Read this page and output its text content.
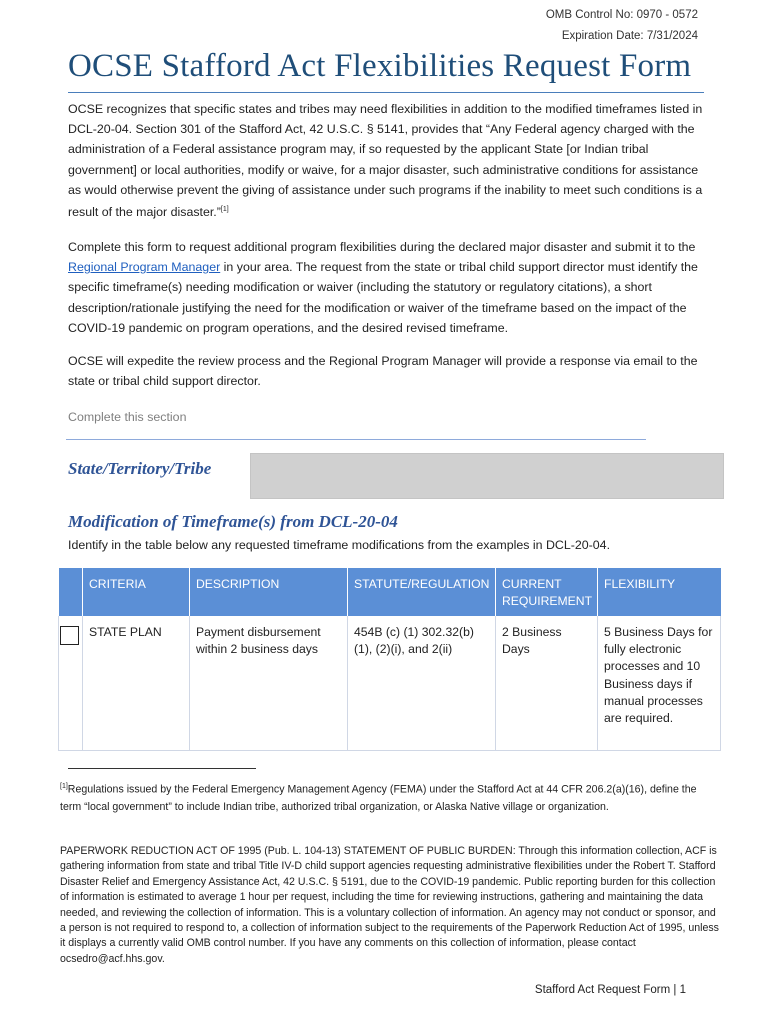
OMB Control No: 0970 - 0572
Expiration Date: 7/31/2024
OCSE Stafford Act Flexibilities Request Form
OCSE recognizes that specific states and tribes may need flexibilities in addition to the modified timeframes listed in DCL-20-04. Section 301 of the Stafford Act, 42 U.S.C. § 5141, provides that “Any Federal agency charged with the administration of a Federal assistance program may, if so requested by the applicant State [or Indian tribal government] or local authorities, modify or waive, for a major disaster, such administrative conditions for assistance as would otherwise prevent the giving of assistance under such programs if the inability to meet such conditions is a result of the major disaster.”[1]
Complete this form to request additional program flexibilities during the declared major disaster and submit it to the Regional Program Manager in your area. The request from the state or tribal child support director must identify the specific timeframe(s) needing modification or waiver (including the statutory or regulatory citations), a short description/rationale justifying the need for the modification or waiver of the timeframe based on the impact of the COVID-19 pandemic on program operations, and the desired revised timeframe.
OCSE will expedite the review process and the Regional Program Manager will provide a response via email to the state or tribal child support director.
Complete this section
State/Territory/Tribe
Modification of Timeframe(s) from DCL-20-04
Identify in the table below any requested timeframe modifications from the examples in DCL-20-04.
	CRITERIA	DESCRIPTION	STATUTE/REGULATION	CURRENT REQUIREMENT	FLEXIBILITY

	STATE PLAN	Payment disbursement within 2 business days	454B (c) (1) 302.32(b)(1), (2)(i), and 2(ii)	2 Business Days	5 Business Days for fully electronic processes and 10 Business days if manual processes are required.
[1]Regulations issued by the Federal Emergency Management Agency (FEMA) under the Stafford Act at 44 CFR 206.2(a)(16), define the term “local government” to include Indian tribe, authorized tribal organization, or Alaska Native village or organization.
PAPERWORK REDUCTION ACT OF 1995 (Pub. L. 104-13) STATEMENT OF PUBLIC BURDEN: Through this information collection, ACF is gathering information from state and tribal Title IV-D child support agencies requesting administrative flexibilities under the Robert T. Stafford Disaster Relief and Emergency Assistance Act, 42 U.S.C. § 5191, due to the COVID-19 pandemic. Public reporting burden for this collection of information is estimated to average 1 hour per request, including the time for reviewing instructions, gathering and maintaining the data needed, and reviewing the collection of information. This is a voluntary collection of information. An agency may not conduct or sponsor, and a person is not required to respond to, a collection of information subject to the requirements of the Paperwork Reduction Act of 1995, unless it displays a currently valid OMB control number. If you have any comments on this collection of information, please contact ocsedro@acf.hhs.gov.
Stafford Act Request Form | 1
